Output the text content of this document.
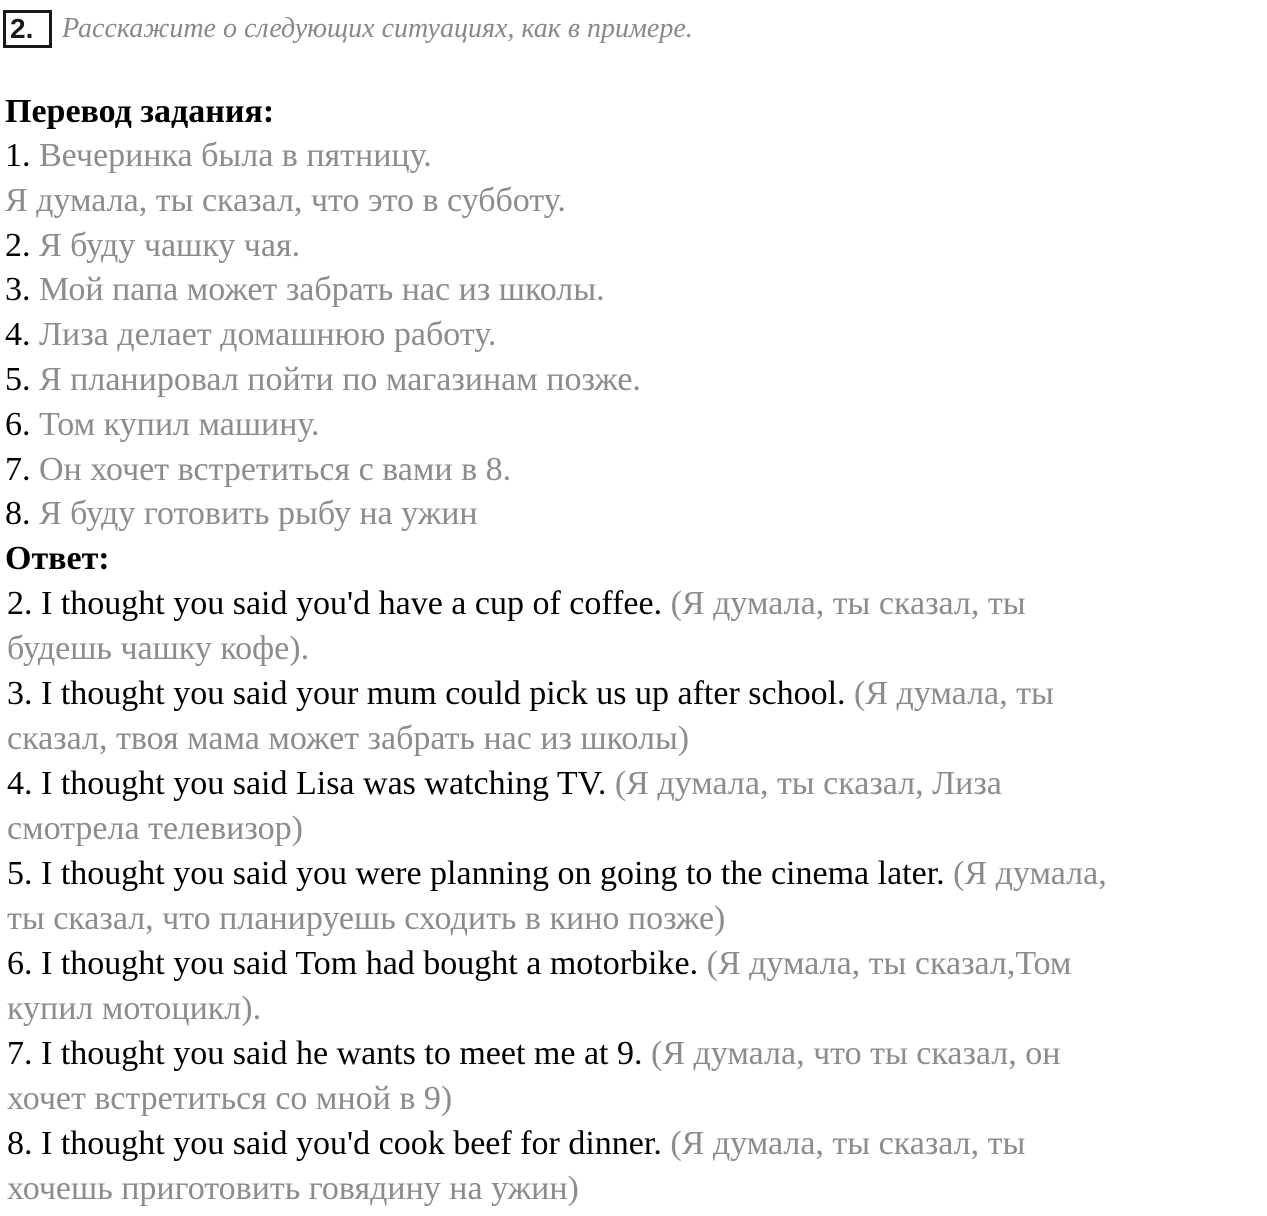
2.	Расскажите о следующих ситуациях, как в примере.
Перевод задания:
1. Вечеринка была в пятницу.
Я думала, ты сказал, что это в субботу.
2. Я буду чашку чая.
3. Мой папа может забрать нас из школы.
4. Лиза делает домашнюю работу.
5. Я планировал пойти по магазинам позже.
6. Том купил машину.
7. Он хочет встретиться с вами в 8.
8. Я буду готовить рыбу на ужин
Ответ:
2. I thought you said you'd have a cup of coffee. (Я думала, ты сказал, ты
будешь чашку кофе).
3. I thought you said your mum could pick us up after school. (Я думала, ты
сказал, твоя мама может забрать нас из школы)
4. I thought you said Lisa was watching TV. (Я думала, ты сказал, Лиза
смотрела телевизор)
5. I thought you said you were planning on going to the cinema later. (Я думала,
ты сказал, что планируешь сходить в кино позже)
6. I thought you said Tom had bought a motorbike. (Я думала, ты сказал,Том
купил мотоцикл).
7. I thought you said he wants to meet me at 9. (Я думала, что ты сказал, он
хочет встретиться со мной в 9)
8. I thought you said you'd cook beef for dinner. (Я думала, ты сказал, ты
хочешь приготовить говядину на ужин)
